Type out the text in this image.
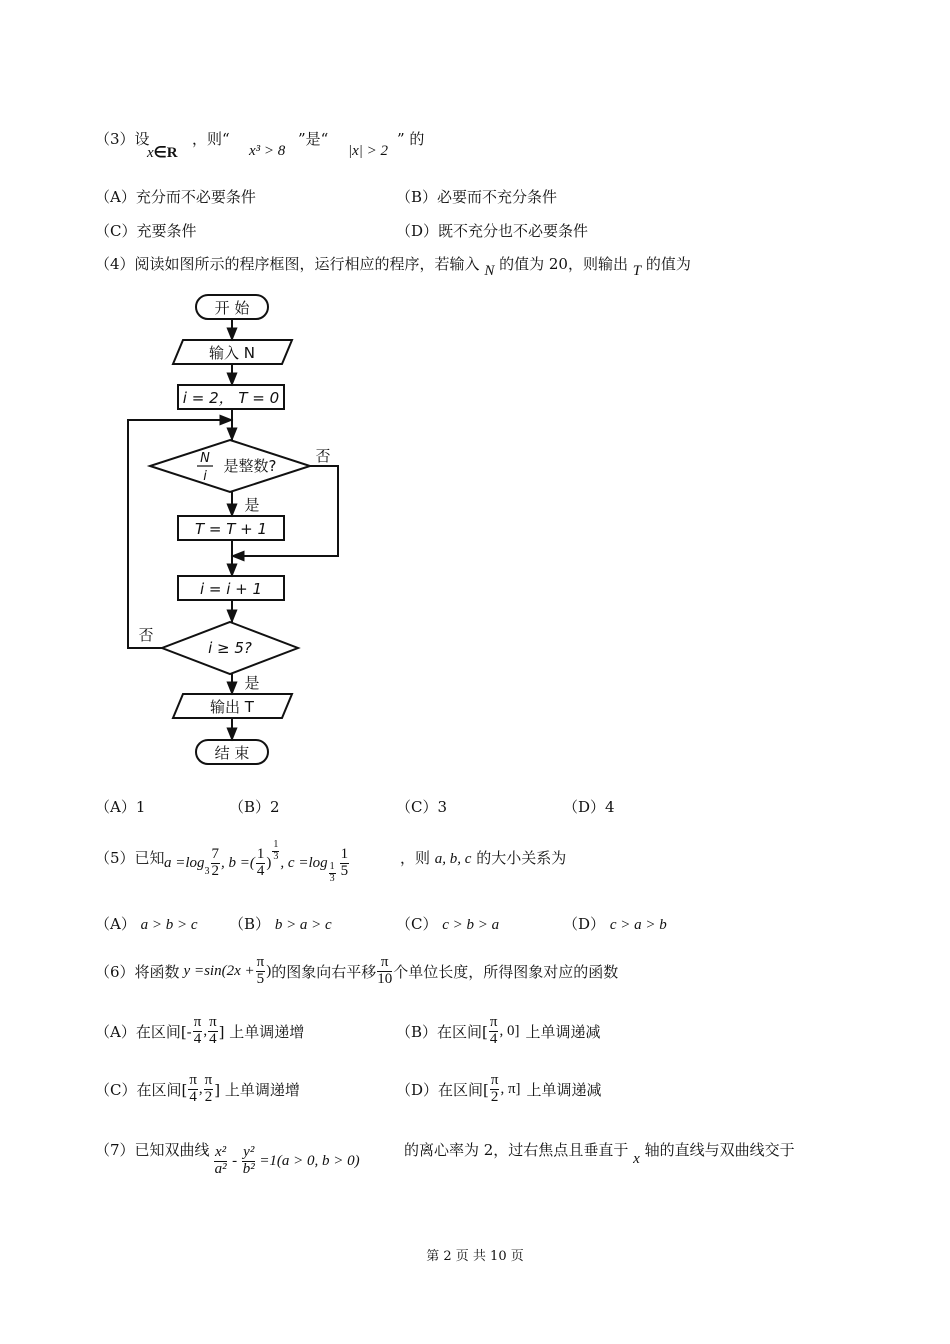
（3）设
x∈R
，则“
x³ > 8
”是“
|x| > 2
” 的
（A）充分而不必要条件	（B）必要而不充分条件
（C）充要条件	（D）既不充分也不必要条件
（4）阅读如图所示的程序框图，运行相应的程序，若输入 N 的值为 20，则输出 T 的值为
开 始
输入 N
i = 2， T = 0
N
i
是整数?
否
是
T = T + 1
i = i + 1
i ≥ 5?
否
是
输出 T
结 束
（A）1	（B）2	（C）3	（D）4
（5）已知 a =log
$3 \frac{7}{2}$ , b =( $\frac{1}{4}$ )
$\frac{1}{3}$
, $c =\log \frac{1}{3} \frac{1}{5}$	，则 a, b, c 的大小关系为
（A） a > b > c （B） b > a > c	（C） c > b > a	（D） c > a > b
（6）将函数 $y =\sin(2x + \frac{\pi}{5}$ ) 的图象向右平移 $\frac{\pi}{10}$ 个单位长度，所得图象对应的函数
（A）在区间[- $\frac{\pi}{4}$ , $\frac{\pi}{4}$ ] 上单调递增	（B）在区间[ $\frac{\pi}{4}$ , 0] 上单调递减
（C）在区间[ $\frac{\pi}{4}$ , $\frac{\pi}{2}$ ] 上单调递增	（D）在区间[ $\frac{\pi}{2}$ , π] 上单调递减
（7）已知双曲线 $\frac{\text{x²}}{\text{a²}} - \frac{\text{y²}}{\text{b²}} =1(a > 0$, b > 0)
的离心率为 2，过右焦点且垂直于 x 轴的直线与双曲线交于
第 2 页 共 10 页
